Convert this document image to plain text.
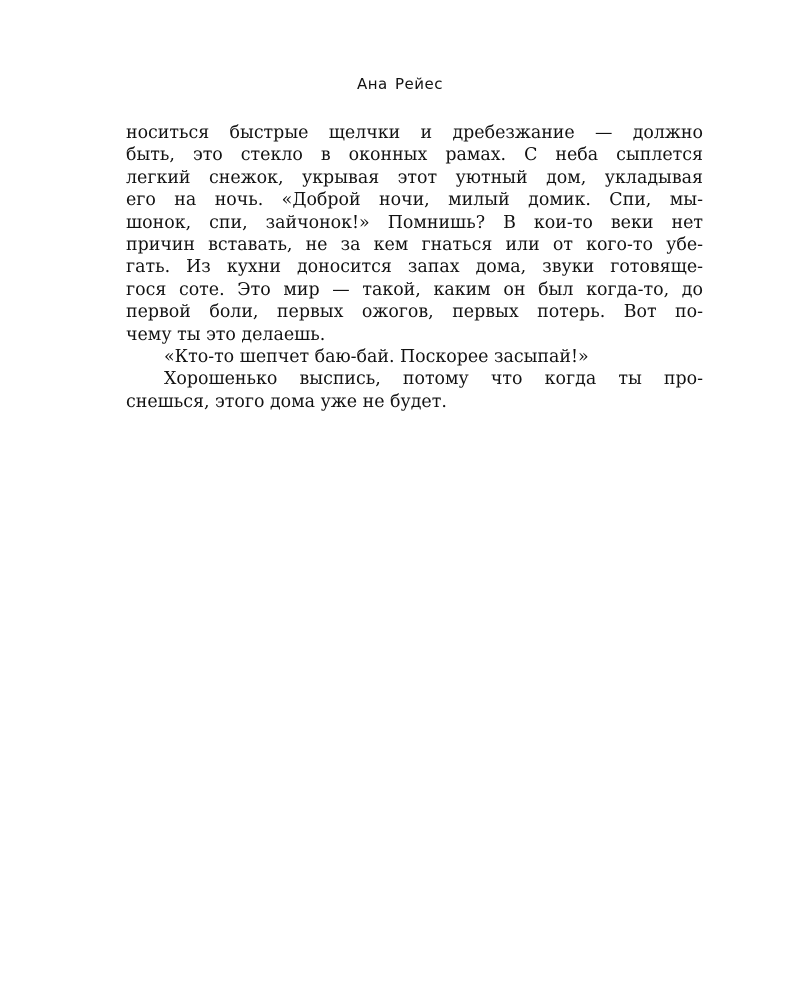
Ана Рейес
носиться быстрые щелчки и дребезжание — должно
быть, это стекло в оконных рамах. С неба сыплется
легкий снежок, укрывая этот уютный дом, укладывая
его на ночь. «Доброй ночи, милый домик. Спи, мы-
шонок, спи, зайчонок!» Помнишь? В кои-то веки нет
причин вставать, не за кем гнаться или от кого-то убе-
гать. Из кухни доносится запах дома, звуки готовяще-
гося соте. Это мир — такой, каким он был когда-то, до
первой боли, первых ожогов, первых потерь. Вот по-
чему ты это делаешь.
«Кто-то шепчет баю-бай. Поскорее засыпай!»
Хорошенько выспись, потому что когда ты про-
снешься, этого дома уже не будет.
